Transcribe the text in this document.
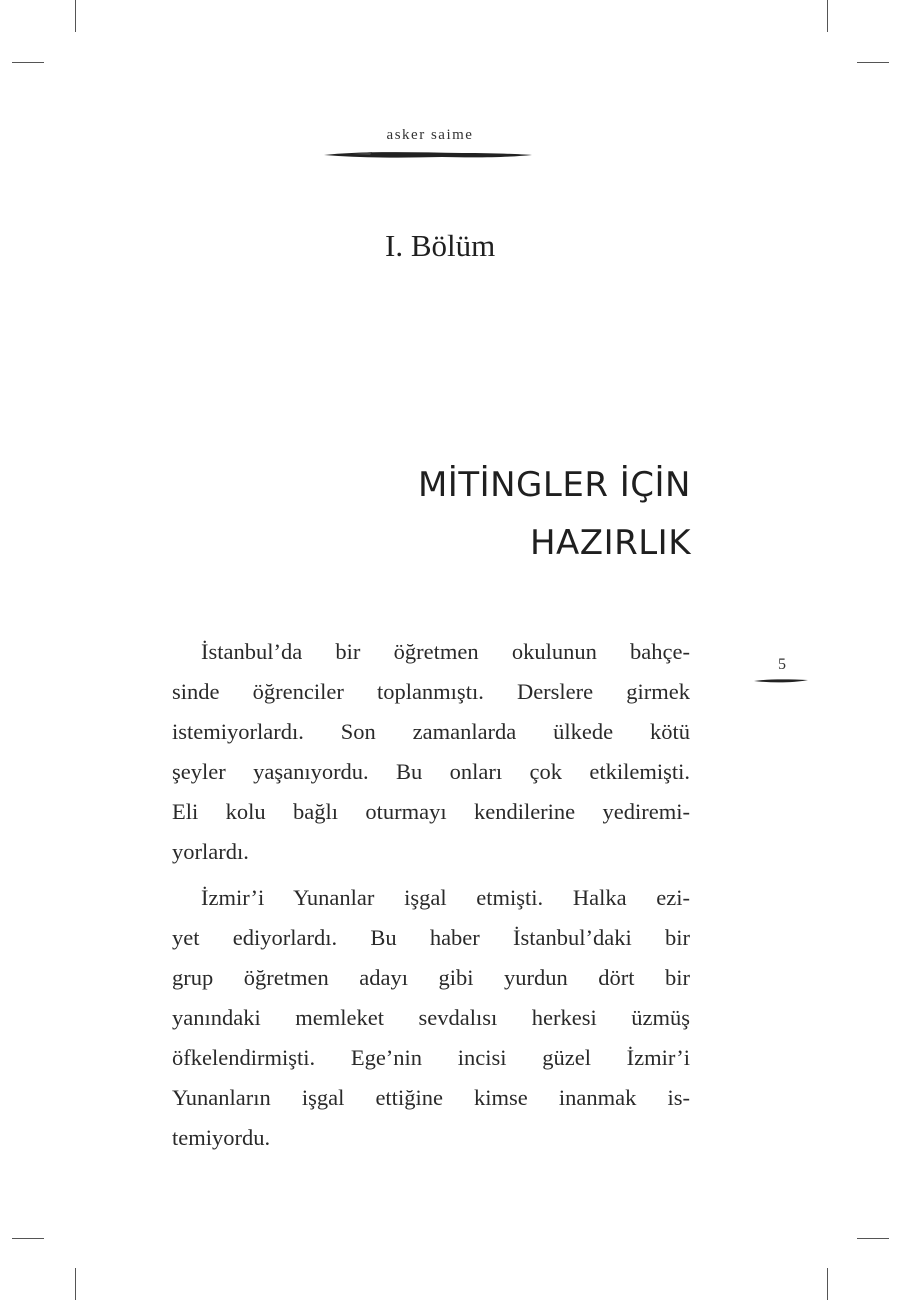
asker saime
I. Bölüm
MİTİNGLER İÇİN
HAZIRLIK
İstanbul’da bir öğretmen okulunun bahçe-
sinde öğrenciler toplanmıştı. Derslere girmek
istemiyorlardı. Son zamanlarda ülkede kötü
şeyler yaşanıyordu. Bu onları çok etkilemişti.
Eli kolu bağlı oturmayı kendilerine yediremi-
yorlardı.
İzmir’i Yunanlar işgal etmişti. Halka ezi-
yet ediyorlardı. Bu haber İstanbul’daki bir
grup öğretmen adayı gibi yurdun dört bir
yanındaki memleket sevdalısı herkesi üzmüş
öfkelendirmişti. Ege’nin incisi güzel İzmir’i
Yunanların işgal ettiğine kimse inanmak is-
temiyordu.
5
